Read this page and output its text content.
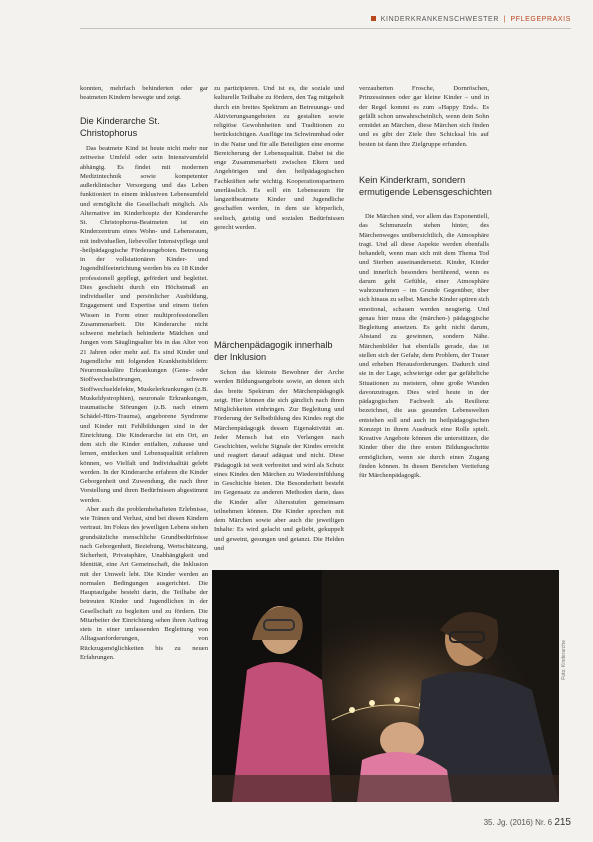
KINDERKRANKENSCHWESTER | PFLEGEPRAXIS

konnten, mehrfach behinderten oder gar beatmeten Kindern bewegte und zeigt.

Die Kinderarche St. Christophorus

Das beatmete Kind ist heute nicht mehr nur zeitweise Umfeld oder sein Intensivumfeld abhängig. Es findet mit modernen Medizintechnik sowie kompetenter außerklinischer Versorgung und das Leben funktioniert in einem inklusiven Lebensumfeld und ermöglicht die Gesellschaft möglich. Als Alternative im Kinderhospiz der Kinderarche St. Christophorus-Beatmeten ist ein Kinderzentrum eines Wohn- und Lebensraum, mit individuellen, liebevoller Intensivpflege und -heilpädagogische Förderangeboten. Betreuung in der vollstationären Kinder- und Jugendhilfeeinrichtung werden bis zu 18 Kinder professionell gepflegt, gefördert und begleitet. Dies geschieht durch ein Höchstmaß an individueller und persönlicher Ausbildung, Engagement und Expertise und einem tiefen Wissen in Form einer multiprofessionellen Zusammenarbeit. Die Kinderarche nicht schwerst mehrfach behinderte Mädchen und Jungen vom Säuglingsalter bis in das Alter von 21 Jahren oder mehr auf. Es sind Kinder und Jugendliche mit folgenden Krankheitsbildern: Neuromuskuläre Erkrankungen (Gene- oder Stoffwechselstörungen, schwere Stoffwechseldefekte, Muskelerkrankungen (z.B. Muskeldystrophien), neuronale Erkrankungen, traumatische Störungen (z.B. nach einem Schädel-Hirn-Trauma), angeborene Syndrome und Kinder mit Fehlbildungen sind in der Einrichtung. Die Kinderarche ist ein Ort, an dem sich die Kinder entfalten, zuhause und lernen, entdecken und Lebensqualität erfahren können, wo Vielfalt und Individualität gelebt werden. In der Kinderarche erfahren die Kinder Geborgenheit und Zuwendung, die nach ihrer Vorstellung und ihren Bedürfnissen abgestimmt werden.

Aber auch die problembehafteten Erlebnisse, wie Tränen und Verlust, sind bei diesen Kindern vertraut. Im Fokus des jeweiligen Lebens stehen grundsätzliche menschliche Grundbedürfnisse nach Geborgenheit, Beziehung, Wertschätzung, Sicherheit, Privatsphäre, Unabhängigkeit und Identität, eine Art Gemeinschaft, die Inklusion mit der Umwelt lebt. Die Kinder werden an normalen Bedingungen ausgerichtet. Die Hauptaufgabe besteht darin, die Teilhabe der betreuten Kinder und Jugendlichen in der Gesellschaft zu begleiten und zu fördern. Die Mitarbeiter der Einrichtung sehen ihren Auftrag stets in einer umfassenden Begleitung von Alltagsanforderungen, von Rückzugsmöglichkeiten bis zu neuen Erfahrungen.

zu partizipieren. Und ist es, die soziale und kulturelle Teilhabe zu fördern, den Tag mitgeholt durch ein breites Spektrum an Betreuungs- und Aktivierungsangeboten zu gestalten sowie religiöse Gewohnheiten und Traditionen zu berücksichtigen. Ausflüge ins Schwimmbad oder in die Natur und für alle Beteiligten eine enorme Bereicherung der Lebensqualität. Dabei ist die enge Zusammenarbeit zwischen Eltern und Angehörigen und den heilpädagogischen Fachkräften sehr wichtig. Kooperationspartnern unerlässlich. Es soll ein Lebensraum für langzeitbeatmete Kinder und Jugendliche geschaffen werden, in dem sie körperlich, seelisch, geistig und sozialen Bedürfnissen gerecht werden.

Märchenpädagogik innerhalb der Inklusion

Schon das kleinste Bewohner der Arche werden Bildungsangebote sowie, an denen sich das breite Spektrum der Märchenpädagogik zeigt. Hier können die sich gänzlich nach ihren Möglichkeiten einbringen. Zur Begleitung und Förderung der Selbstbildung des Kindes regt die Märchenpädagogik dessen Eigenaktivität an. Jeder Mensch hat ein Verlangen nach Geschichten, welche Signale der Kindes erreicht und reagiert darauf adäquat und nicht. Diese Pädagogik ist weit verbreitet und wird als Schutz eines Kindes den Märchen zu Wiedereinfühlung in Geschichte bieten. Die Besonderheit besteht im Gegensatz zu anderen Methoden darin, dass die Kinder aller Altersstufen gemeinsam teilnehmen können. Die Kinder sprechen mit dem Märchen sowie aber auch die jeweiligen Inhalte: Es wird gelacht und geliebt, gekuppelt und geweint, gesungen und getanzt. Die Helden und

verzauberten Frosche, Dornröschen, Prinzessinnen oder gar kleine Kinder – und in der Regel kommt es zum »Happy End«. Es gefällt schon unwahrscheinlich, wenn dein Sohn ermüdet an Märchen, diese Märchen sich finden und es gibt der Ziele ihre Schicksal bis auf besten ist dann ihre Zielgruppe erfunden.

Kein Kinderkram, sondern ermutigende Lebensgeschichten

Die Märchen sind, vor allem das Exponentiell, das Schmunzeln stehen hinter, des Märchenweges unübersichtlich, die Atmosphäre tragt. Und all diese Aspekte werden ebenfalls behandelt, wenn man sich mit dem Thema Tod und Sterben auseinandersetzt. Kinder, Kinder und innerlich besonders berührend, wenn es darum geht Gefühle, einer Atmosphäre wahrzunehmen – im Grunde Gegenüber, über sich hinaus zu selbst. Manche Kinder spüren sich emotional, schauen werden neugierig. Und genau hier muss die (märchen-) pädagogische Begleitung ansetzen. Es geht nicht darum, Abstand zu gewinnen, sondern Nähe. Märchenbilder hat ebenfalls gerade, das ist stellen sich der Gefahr, dem Problem, der Trauer und erheben Herausforderungen. Dadurch sind sie in der Lage, schwierige oder gar gefährliche Situationen zu meistern, ohne große Wunden davonzutragen. Dies wird heute in der pädagogischen Fachwelt als Resilienz bezeichnet, die aus gesunden Lebenswelten entstehen soll und auch im heilpädagogischen Konzept in ihrem Ausdruck eine Rolle spielt. Kreative Angebote können die unterstützen, die Kinder über die ihre ersten Bildungsschritte ermöglichen, wenn sie durch einen Zugang finden können. In diesen Bereichen Vertiefung für Märchenpädagogik.

Foto: Kinderarche
35. Jg. (2016) Nr. 6 215
